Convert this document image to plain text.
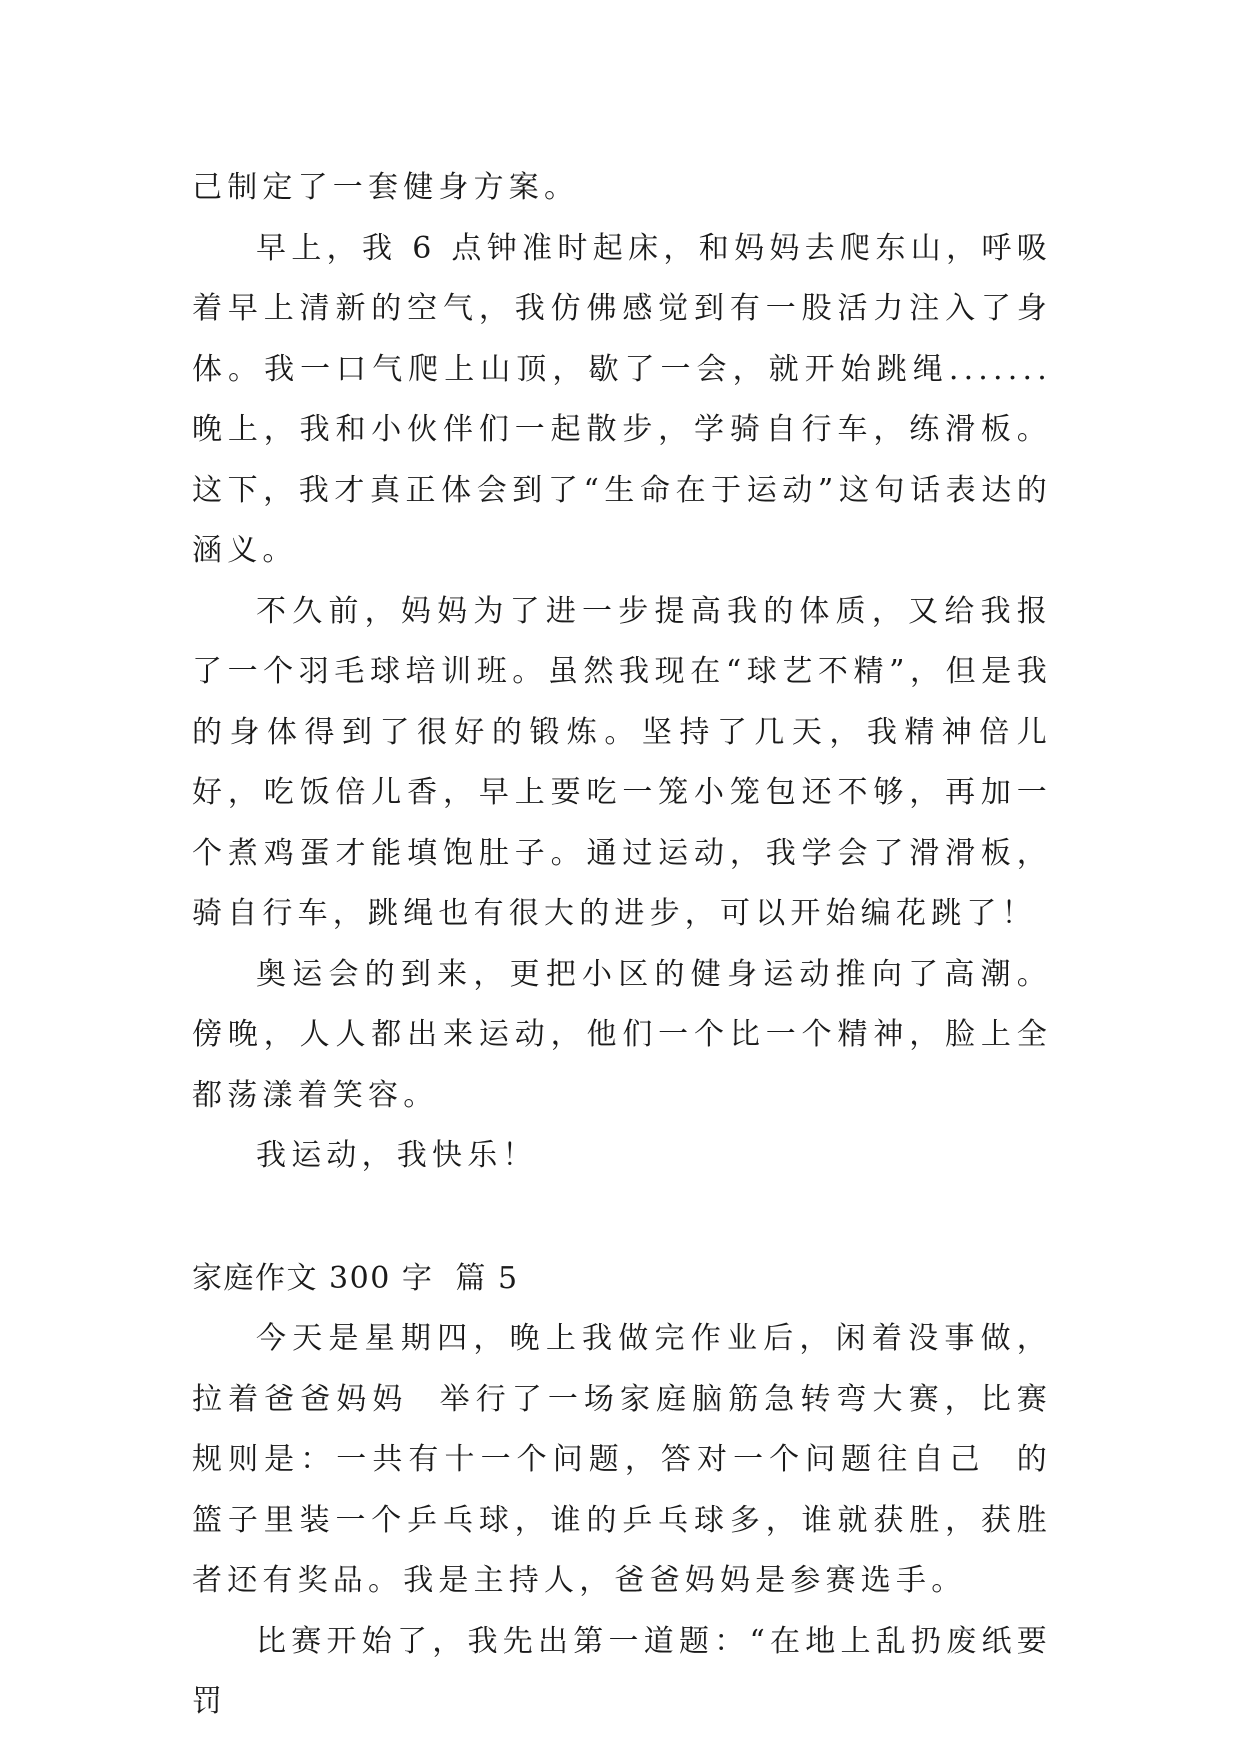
己制定了一套健身方案。

早上，我 6 点钟准时起床，和妈妈去爬东山，呼吸着早上清新的空气，我仿佛感觉到有一股活力注入了身体。我一口气爬上山顶，歇了一会，就开始跳绳.......晚上，我和小伙伴们一起散步，学骑自行车，练滑板。这下，我才真正体会到了“生命在于运动”这句话表达的涵义。

不久前，妈妈为了进一步提高我的体质，又给我报了一个羽毛球培训班。虽然我现在“球艺不精”，但是我的身体得到了很好的锻炼。坚持了几天，我精神倍儿好，吃饭倍儿香，早上要吃一笼小笼包还不够，再加一个煮鸡蛋才能填饱肚子。通过运动，我学会了滑滑板，骑自行车，跳绳也有很大的进步，可以开始编花跳了！

奥运会的到来，更把小区的健身运动推向了高潮。傍晚，人人都出来运动，他们一个比一个精神，脸上全都荡漾着笑容。

我运动，我快乐！

家庭作文 300 字  篇 5

今天是星期四，晚上我做完作业后，闲着没事做，拉着爸爸妈妈  举行了一场家庭脑筋急转弯大赛，比赛规则是：一共有十一个问题，答对一个问题往自己  的篮子里装一个乒乓球，谁的乒乓球多，谁就获胜，获胜者还有奖品。我是主持人，爸爸妈妈是参赛选手。

比赛开始了，我先出第一道题：“在地上乱扔废纸要罚
